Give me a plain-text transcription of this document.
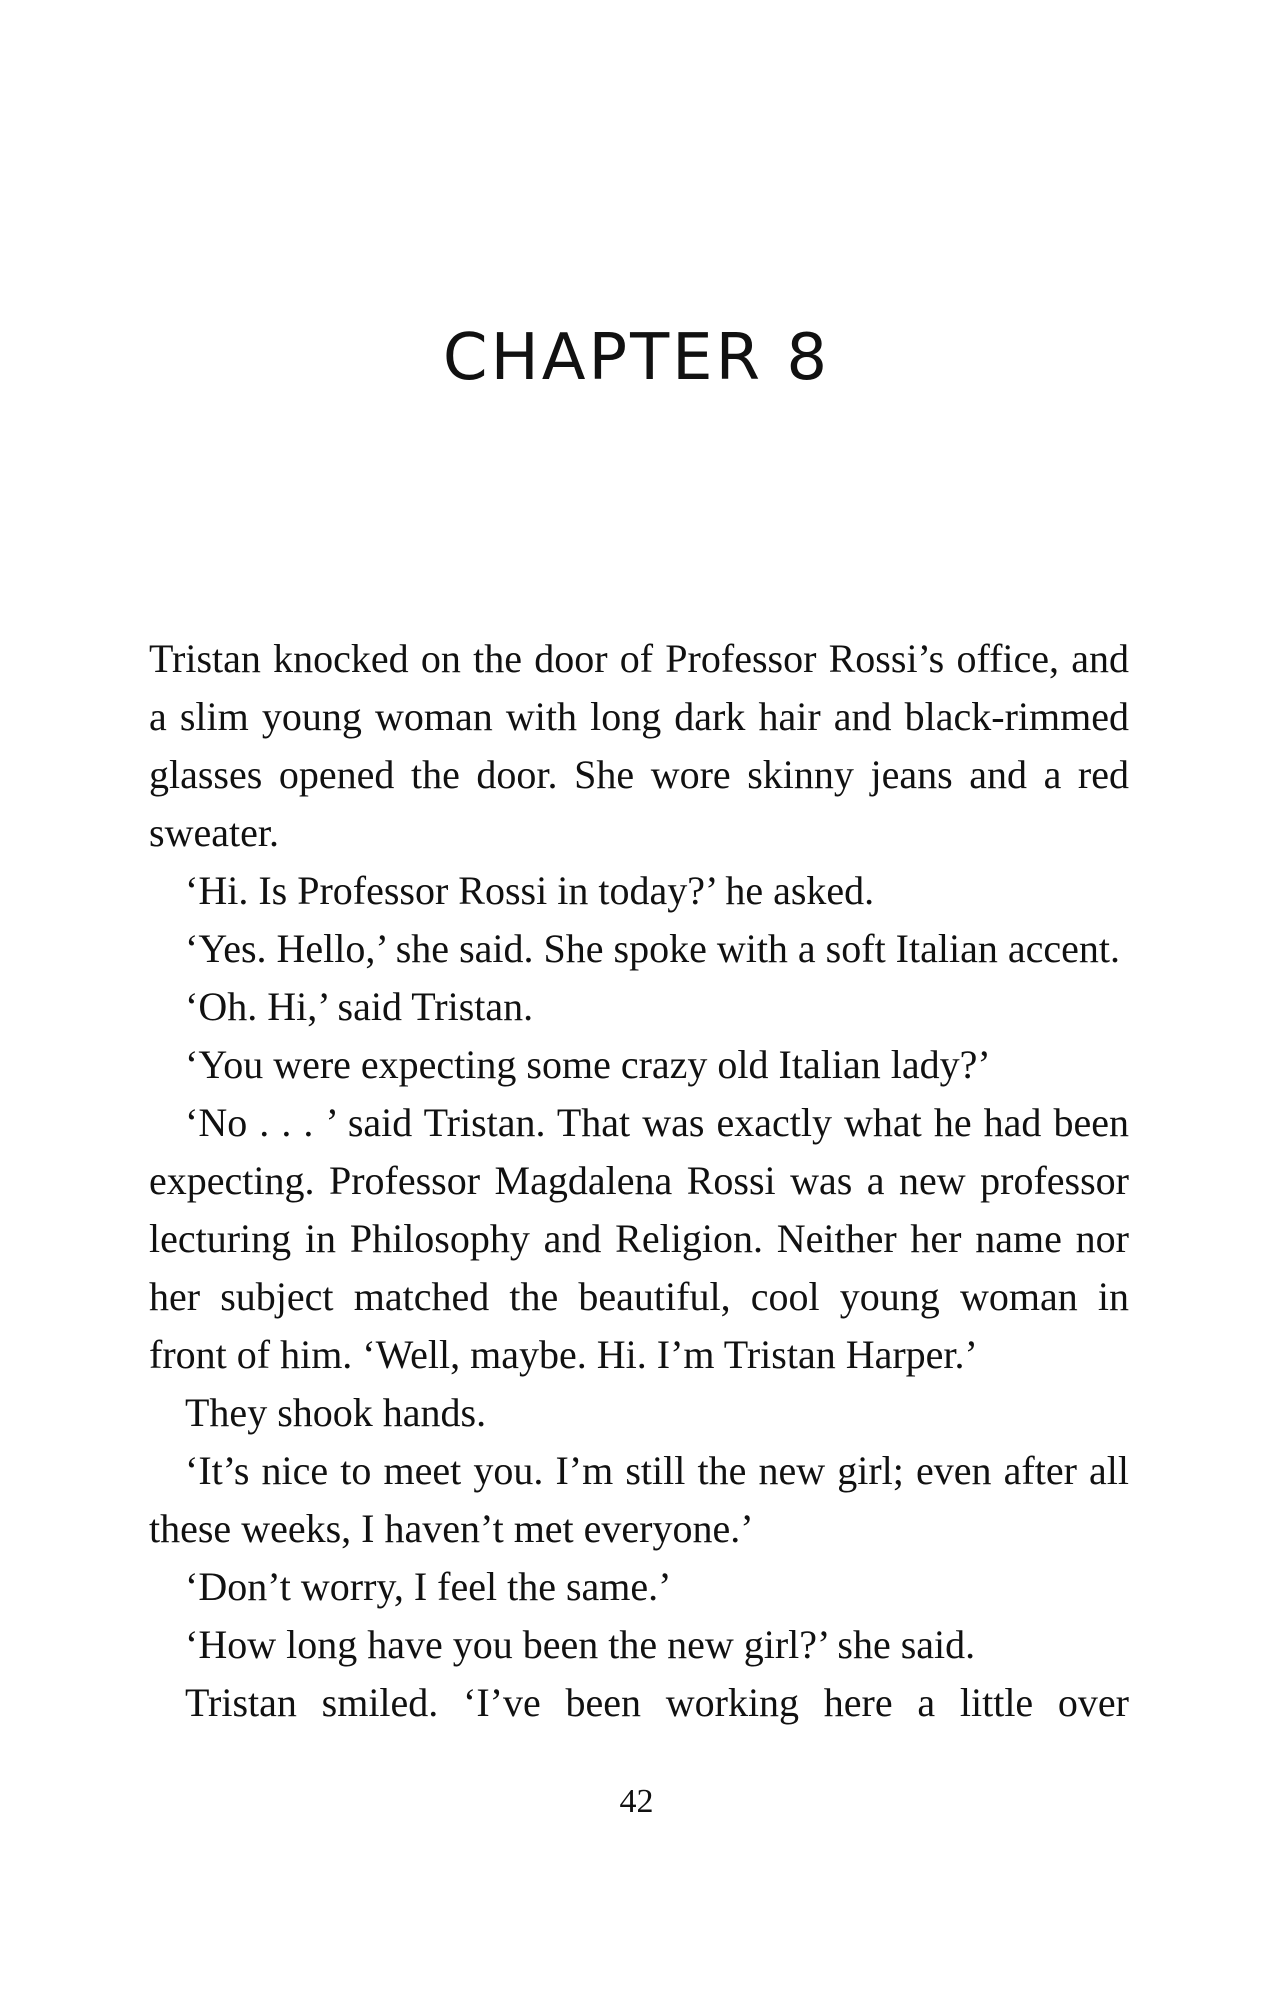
CHAPTER 8

Tristan knocked on the door of Professor Rossi’s office, and a slim young woman with long dark hair and black-rimmed glasses opened the door. She wore skinny jeans and a red sweater.

‘Hi. Is Professor Rossi in today?’ he asked.

‘Yes. Hello,’ she said. She spoke with a soft Italian accent.

‘Oh. Hi,’ said Tristan.

‘You were expecting some crazy old Italian lady?’

‘No . . . ’ said Tristan. That was exactly what he had been expecting. Professor Magdalena Rossi was a new professor lecturing in Philosophy and Religion. Neither her name nor her subject matched the beautiful, cool young woman in front of him. ‘Well, maybe. Hi. I’m Tristan Harper.’

They shook hands.

‘It’s nice to meet you. I’m still the new girl; even after all these weeks, I haven’t met everyone.’

‘Don’t worry, I feel the same.’

‘How long have you been the new girl?’ she said.

Tristan smiled. ‘I’ve been working here a little over

42
